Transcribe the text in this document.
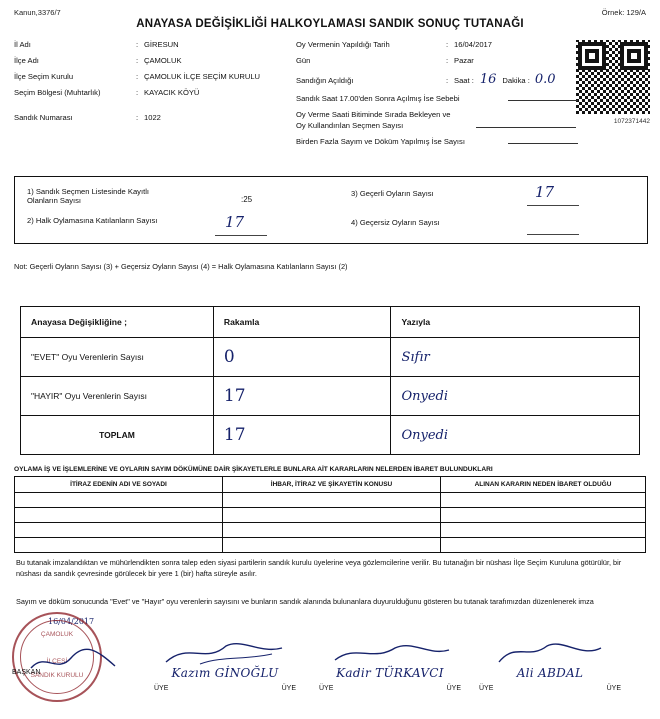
Kanun,3376/7	Örnek: 129/A
ANAYASA DEĞİŞİKLİĞİ HALKOYLAMASI SANDIK SONUÇ TUTANAĞI
1072371442
İl Adı	: GİRESUN
İlçe Adı	: ÇAMOLUK
İlçe Seçim Kurulu	: ÇAMOLUK İLÇE SEÇİM KURULU
Seçim Bölgesi (Muhtarlık)	: KAYACIK KÖYÜ
Sandık Numarası	: 1022
Oy Vermenin Yapıldığı Tarih	: 16/04/2017
Gün	: Pazar
Sandığın Açıldığı	: Saat : 16 Dakika : 0.0
Sandık Saat 17.00'den Sonra Açılmış İse Sebebi
Oy Verme Saati Bitiminde Sırada Bekleyen ve
Oy Kullandırılan Seçmen Sayısı
Birden Fazla Sayım ve Döküm Yapılmış İse Sayısı
1) Sandık Seçmen Listesinde Kayıtlı
Olanların Sayısı	:25
2) Halk Oylamasına Katılanların Sayısı	17
3) Geçerli Oyların Sayısı	17
4) Geçersiz Oyların Sayısı
Not: Geçerli Oyların Sayısı (3) + Geçersiz Oyların Sayısı (4) = Halk Oylamasına Katılanların Sayısı (2)
Anayasa Değişikliğine ;	Rakamla	Yazıyla
"EVET" Oyu Verenlerin Sayısı	0	Sıfır
"HAYIR" Oyu Verenlerin Sayısı	17	Onyedi
TOPLAM	17	Onyedi
OYLAMA İŞ VE İŞLEMLERİNE VE OYLARIN SAYIM DÖKÜMÜNE DAİR ŞİKAYETLERLE BUNLARA AİT KARARLARIN NELERDEN İBARET BULUNDUKLARI
İTİRAZ EDENİN ADI VE SOYADI	İHBAR, İTİRAZ VE ŞİKAYETİN KONUSU	ALINAN KARARIN NEDEN İBARET OLDUĞU

Bu tutanak imzalandıktan ve mühürlendikten sonra talep eden siyasi partilerin sandık kurulu üyelerine veya gözlemcilerine verilir. Bu tutanağın bir nüshası İlçe Seçim Kuruluna götürülür, bir nüshası da sandık çevresinde görülecek bir yere 1 (bir) hafta süreyle asılır.
Sayım ve döküm sonucunda "Evet" ve "Hayır" oyu verenlerin sayısını ve bunların sandık alanında bulunanlara duyurulduğunu gösteren bu tutanak tarafımızdan düzenlenerek imza
16/04/2017
ÇAMOLUK
İLÇESİ
SANDIK KURULU
BAŞKAN	Kazım GİNOĞLU
ÜYE	ÜYE
Kadir TÜRKAVCI
ÜYE	ÜYE
Ali ABDAL
ÜYE	ÜYE
